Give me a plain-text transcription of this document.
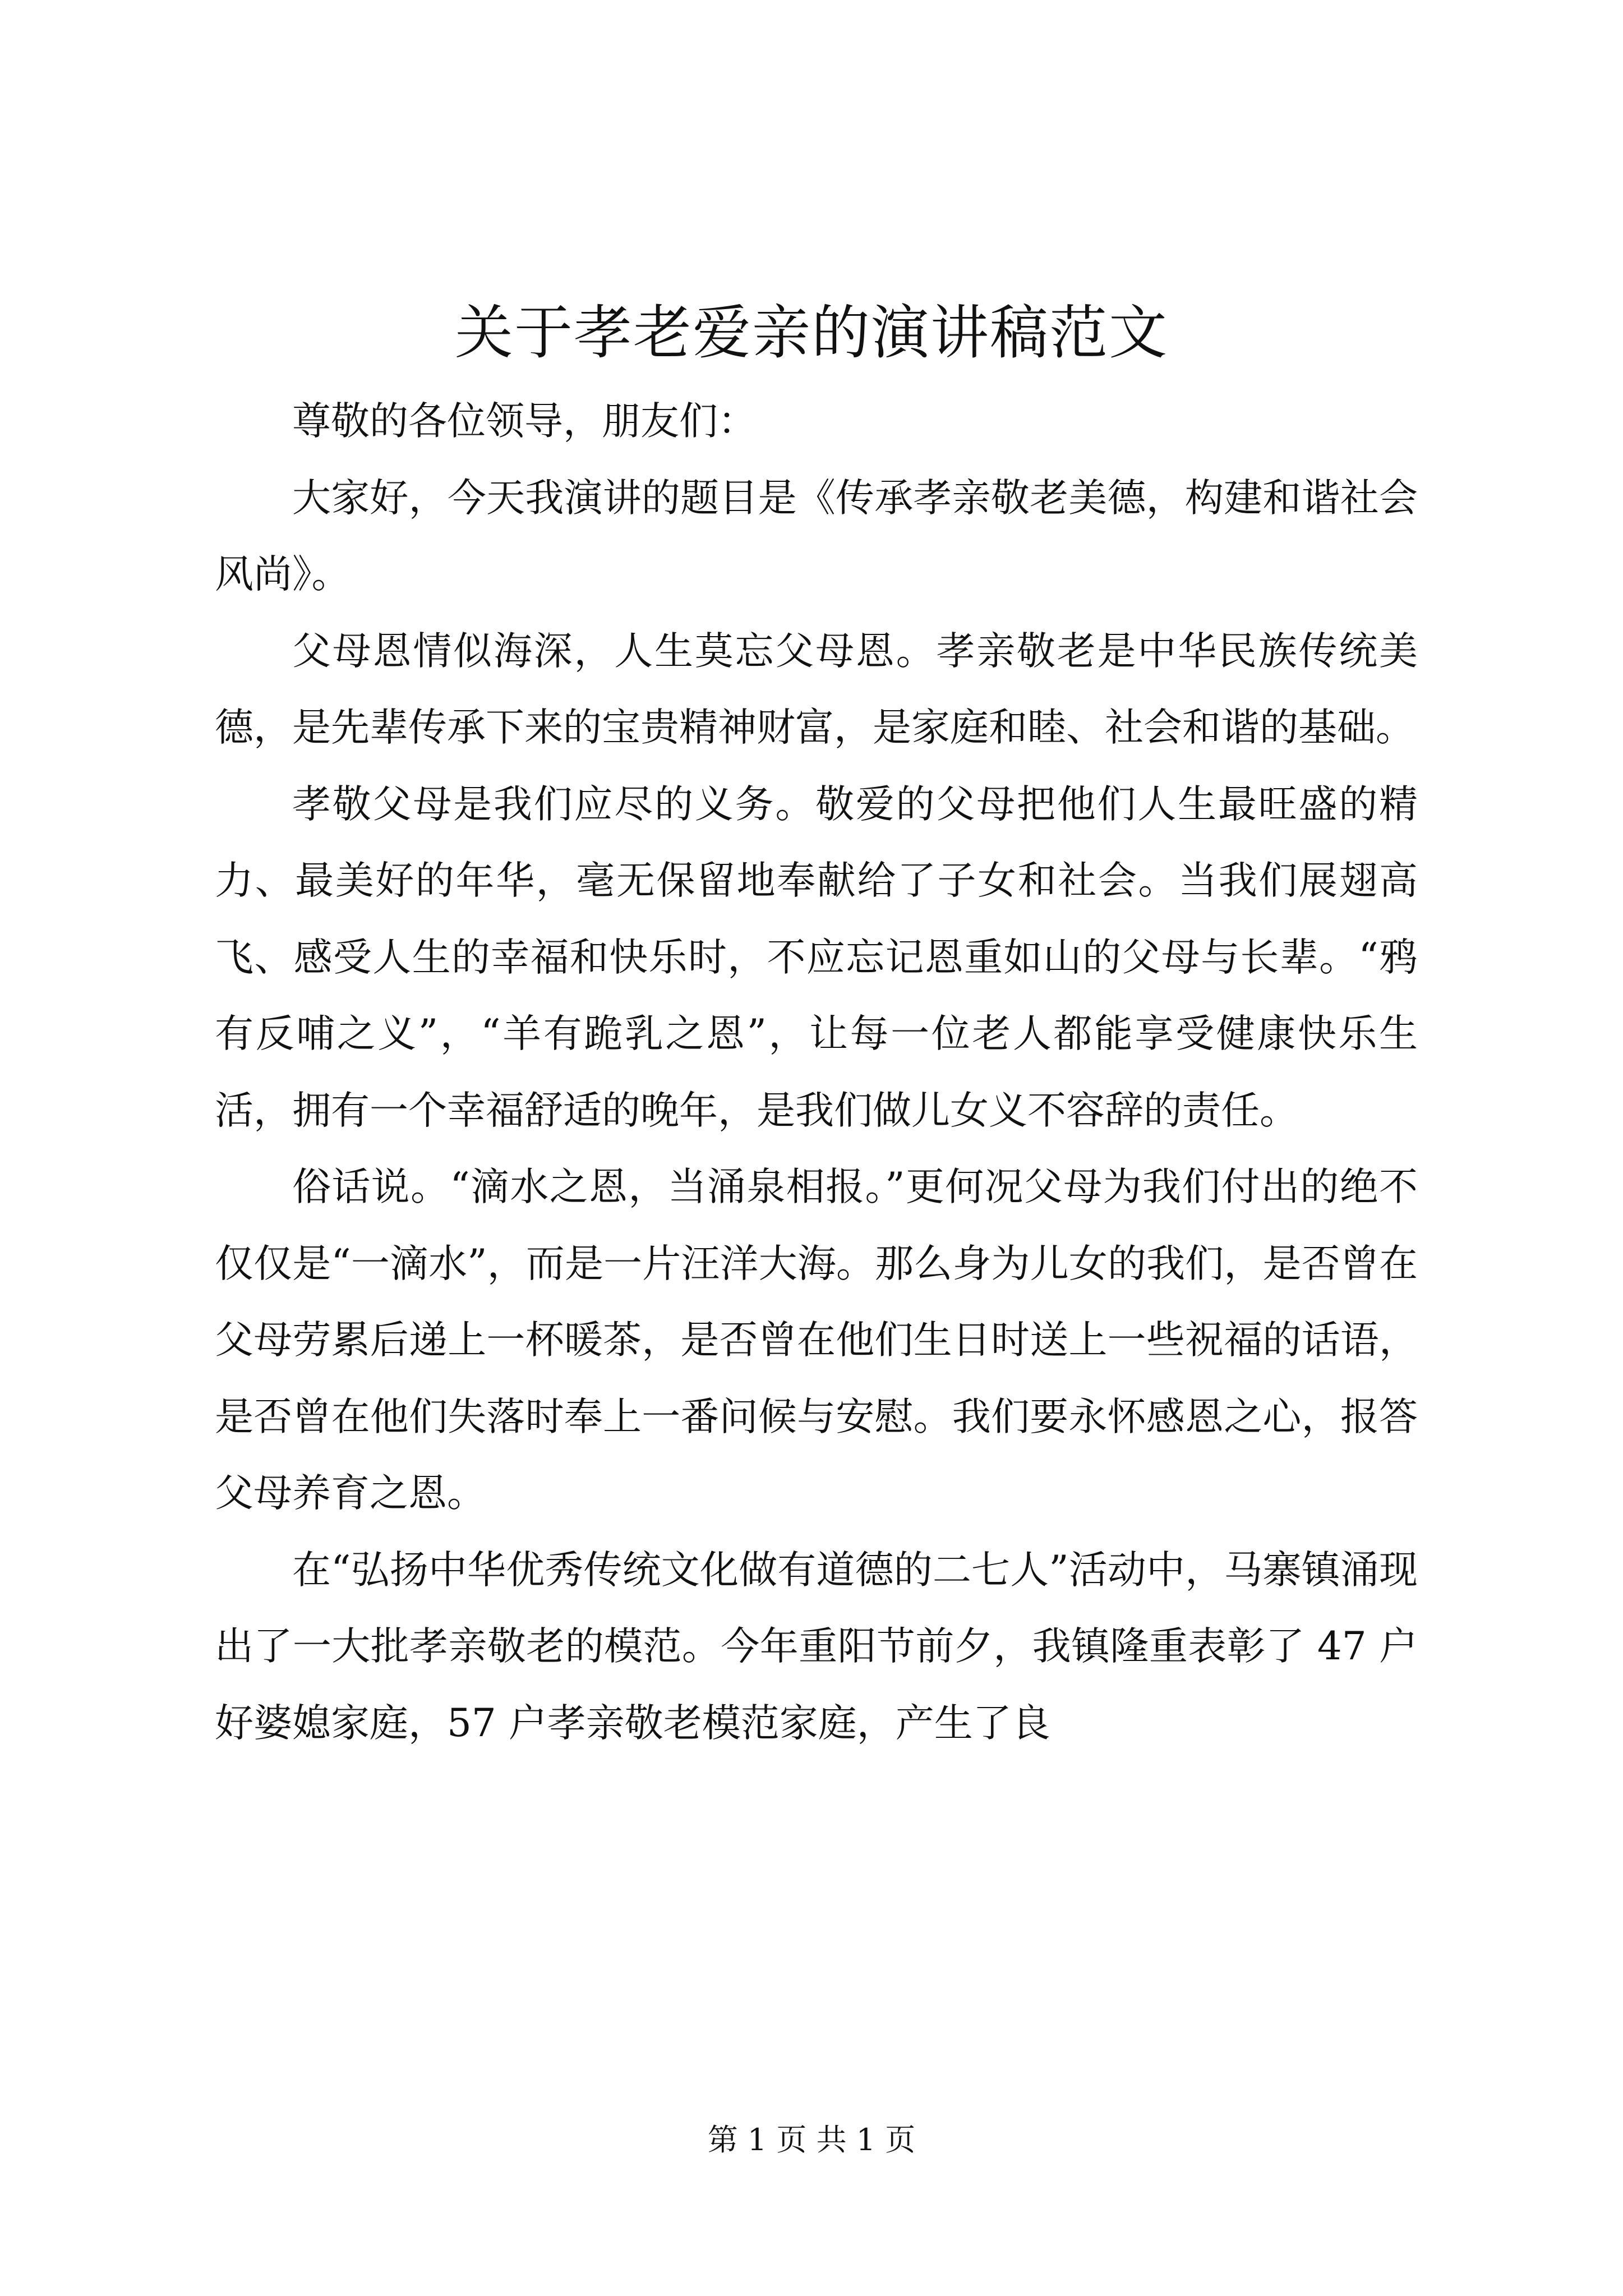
关于孝老爱亲的演讲稿范文

尊敬的各位领导，朋友们：

大家好，今天我演讲的题目是《传承孝亲敬老美德，构建和谐社会风尚》。

父母恩情似海深，人生莫忘父母恩。孝亲敬老是中华民族传统美德，是先辈传承下来的宝贵精神财富，是家庭和睦、社会和谐的基础。

孝敬父母是我们应尽的义务。敬爱的父母把他们人生最旺盛的精力、最美好的年华，毫无保留地奉献给了子女和社会。当我们展翅高飞、感受人生的幸福和快乐时，不应忘记恩重如山的父母与长辈。“鸦有反哺之义”，“羊有跪乳之恩”，让每一位老人都能享受健康快乐生活，拥有一个幸福舒适的晚年，是我们做儿女义不容辞的责任。

俗话说。“滴水之恩，当涌泉相报。”更何况父母为我们付出的绝不仅仅是“一滴水”，而是一片汪洋大海。那么身为儿女的我们，是否曾在父母劳累后递上一杯暖茶，是否曾在他们生日时送上一些祝福的话语，是否曾在他们失落时奉上一番问候与安慰。我们要永怀感恩之心，报答父母养育之恩。

在“弘扬中华优秀传统文化做有道德的二七人”活动中，马寨镇涌现出了一大批孝亲敬老的模范。今年重阳节前夕，我镇隆重表彰了 47 户好婆媳家庭，57 户孝亲敬老模范家庭，产生了良

第 1 页 共 1 页
